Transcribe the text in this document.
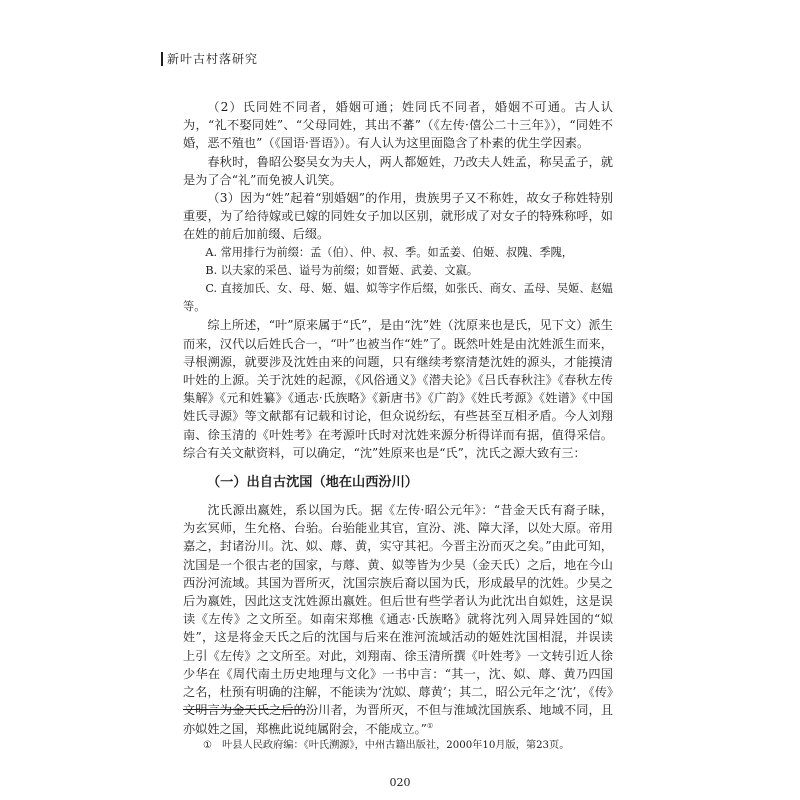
新叶古村落研究

（2）氏同姓不同者，婚姻可通；姓同氏不同者，婚姻不可通。古人认为，“礼不娶同姓”、“父母同姓，其出不蕃”（《左传·僖公二十三年》），“同姓不婚，恶不殖也”（《国语·晋语》）。有人认为这里面隐含了朴素的优生学因素。

春秋时，鲁昭公娶吴女为夫人，两人都姬姓，乃改夫人姓孟，称吴孟子，就是为了合“礼”而免被人讥笑。

（3）因为“姓”起着“别婚姻”的作用，贵族男子又不称姓，故女子称姓特别重要，为了给待嫁或已嫁的同姓女子加以区别，就形成了对女子的特殊称呼，如在姓的前后加前缀、后缀。

A. 常用排行为前缀：孟（伯）、仲、叔、季。如孟姜、伯姬、叔隗、季隗，

B. 以夫家的采邑、谥号为前缀；如晋姬、武姜、文嬴。

C. 直接加氏、女、母、姬、媪、姒等字作后缀，如张氏、商女、孟母、吴姬、赵媪等。

综上所述，“叶”原来属于“氏”，是由“沈”姓（沈原来也是氏，见下文）派生而来，汉代以后姓氏合一，“叶”也被当作“姓”了。既然叶姓是由沈姓派生而来，寻根溯源，就要涉及沈姓由来的问题，只有继续考察清楚沈姓的源头，才能摸清叶姓的上源。关于沈姓的起源，《风俗通义》《潜夫论》《吕氏春秋注》《春秋左传集解》《元和姓纂》《通志·氏族略》《新唐书》《广韵》《姓氏考源》《姓谱》《中国姓氏寻源》等文献都有记载和讨论，但众说纷纭，有些甚至互相矛盾。今人刘翔南、徐玉清的《叶姓考》在考源叶氏时对沈姓来源分析得详而有据，值得采信。综合有关文献资料，可以确定，“沈”姓原来也是“氏”，沈氏之源大致有三：

（一）出自古沈国（地在山西汾川）

沈氏源出嬴姓，系以国为氏。据《左传·昭公元年》：“昔金天氏有裔子昧，为玄冥师，生允格、台骀。台骀能业其官，宣汾、洮、障大泽，以处大原。帝用嘉之，封诸汾川。沈、姒、蓐、黄，实守其祀。今晋主汾而灭之矣。”由此可知，沈国是一个很古老的国家，与蓐、黄、姒等皆为少昊（金天氏）之后，地在今山西汾河流域。其国为晋所灭，沈国宗族后裔以国为氏，形成最早的沈姓。少昊之后为嬴姓，因此这支沈姓源出嬴姓。但后世有些学者认为此沈出自姒姓，这是误读《左传》之文所至。如南宋郑樵《通志·氏族略》就将沈列入周异姓国的“姒姓”，这是将金天氏之后的沈国与后来在淮河流域活动的姬姓沈国相混，并误读上引《左传》之文所至。对此，刘翔南、徐玉清所撰《叶姓考》一文转引近人徐少华在《周代南土历史地理与文化》一书中言：“其一，沈、姒、蓐、黄乃四国之名，杜预有明确的注解，不能读为‘沈姒、蓐黄’；其二，昭公元年之‘沈’，《传》文明言为金天氏之后的汾川者，为晋所灭，不但与淮域沈国族系、地域不同，且亦姒姓之国，郑樵此说纯属附会，不能成立。”①

① 叶县人民政府编：《叶氏溯源》，中州古籍出版社，2000年10月版，第23页。
020
